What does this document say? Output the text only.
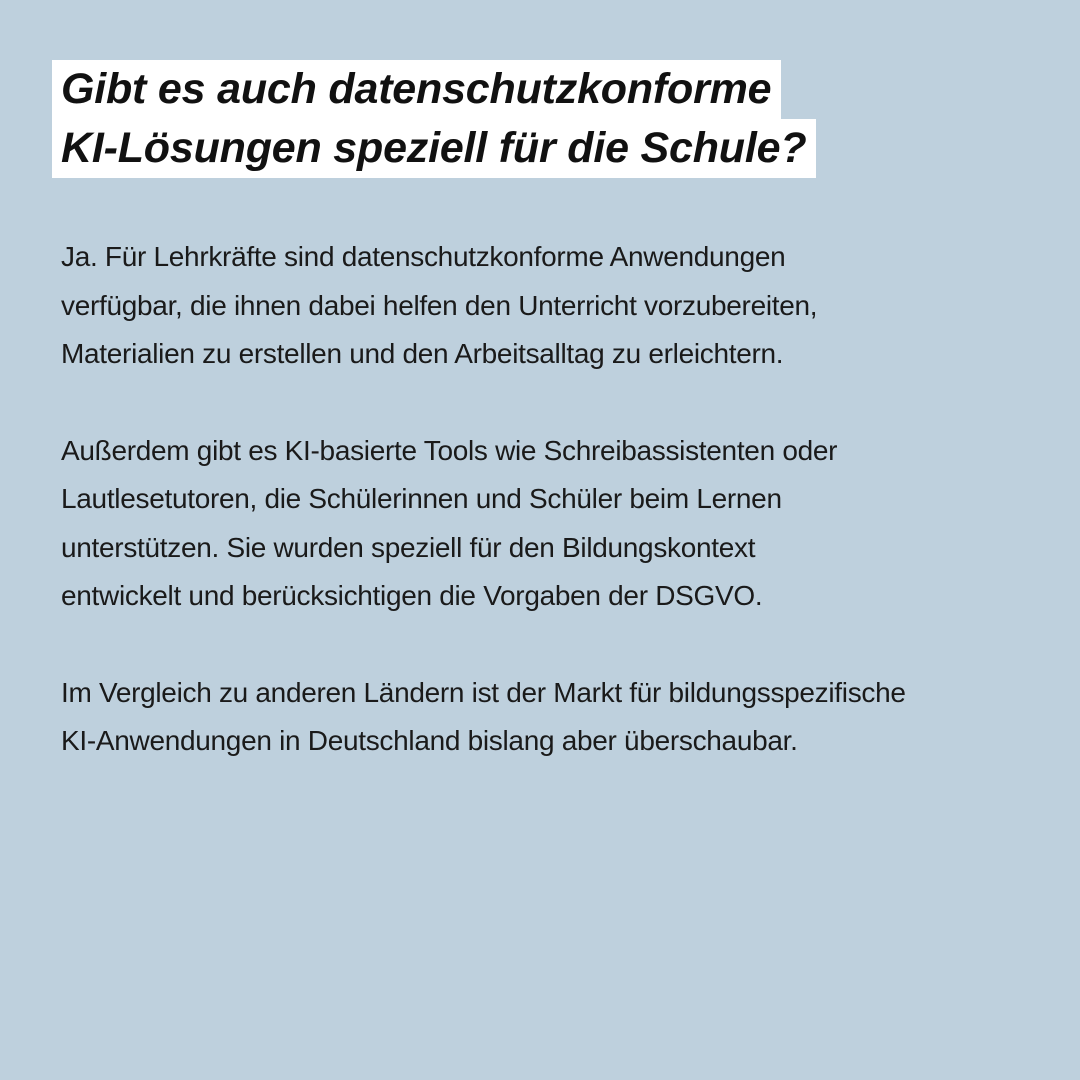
Gibt es auch datenschutzkonforme
KI-Lösungen speziell für die Schule?

Ja. Für Lehrkräfte sind datenschutzkonforme Anwendungen
verfügbar, die ihnen dabei helfen den Unterricht vorzubereiten,
Materialien zu erstellen und den Arbeitsalltag zu erleichtern.

Außerdem gibt es KI-basierte Tools wie Schreibassistenten oder
Lautlesetutoren, die Schülerinnen und Schüler beim Lernen
unterstützen. Sie wurden speziell für den Bildungskontext
entwickelt und berücksichtigen die Vorgaben der DSGVO.

Im Vergleich zu anderen Ländern ist der Markt für bildungsspezifische
KI-Anwendungen in Deutschland bislang aber überschaubar.
